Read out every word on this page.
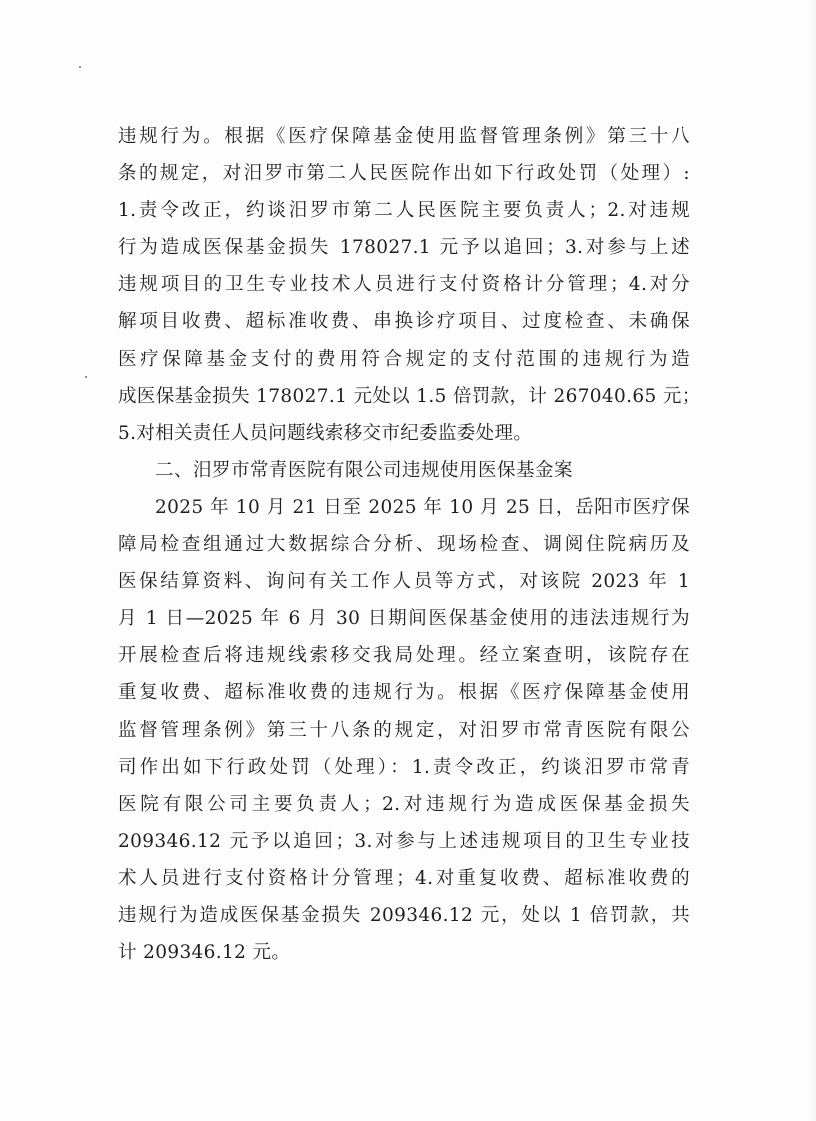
违规行为。根据《医疗保障基金使用监督管理条例》第三十八
条的规定，对汨罗市第二人民医院作出如下行政处罚（处理）:
1.责令改正，约谈汨罗市第二人民医院主要负责人；2.对违规
行为造成医保基金损失 178027.1 元予以追回；3.对参与上述
违规项目的卫生专业技术人员进行支付资格计分管理；4.对分
解项目收费、超标准收费、串换诊疗项目、过度检查、未确保
医疗保障基金支付的费用符合规定的支付范围的违规行为造
成医保基金损失 178027.1 元处以 1.5 倍罚款，计 267040.65 元；
5.对相关责任人员问题线索移交市纪委监委处理。
二、汨罗市常青医院有限公司违规使用医保基金案
2025 年 10 月 21 日至 2025 年 10 月 25 日，岳阳市医疗保
障局检查组通过大数据综合分析、现场检查、调阅住院病历及
医保结算资料、询问有关工作人员等方式，对该院 2023 年 1
月 1 日—2025 年 6 月 30 日期间医保基金使用的违法违规行为
开展检查后将违规线索移交我局处理。经立案查明，该院存在
重复收费、超标准收费的违规行为。根据《医疗保障基金使用
监督管理条例》第三十八条的规定，对汨罗市常青医院有限公
司作出如下行政处罚（处理）：1.责令改正，约谈汨罗市常青
医院有限公司主要负责人；2.对违规行为造成医保基金损失
209346.12 元予以追回；3.对参与上述违规项目的卫生专业技
术人员进行支付资格计分管理；4.对重复收费、超标准收费的
违规行为造成医保基金损失 209346.12 元，处以 1 倍罚款，共
计 209346.12 元。
